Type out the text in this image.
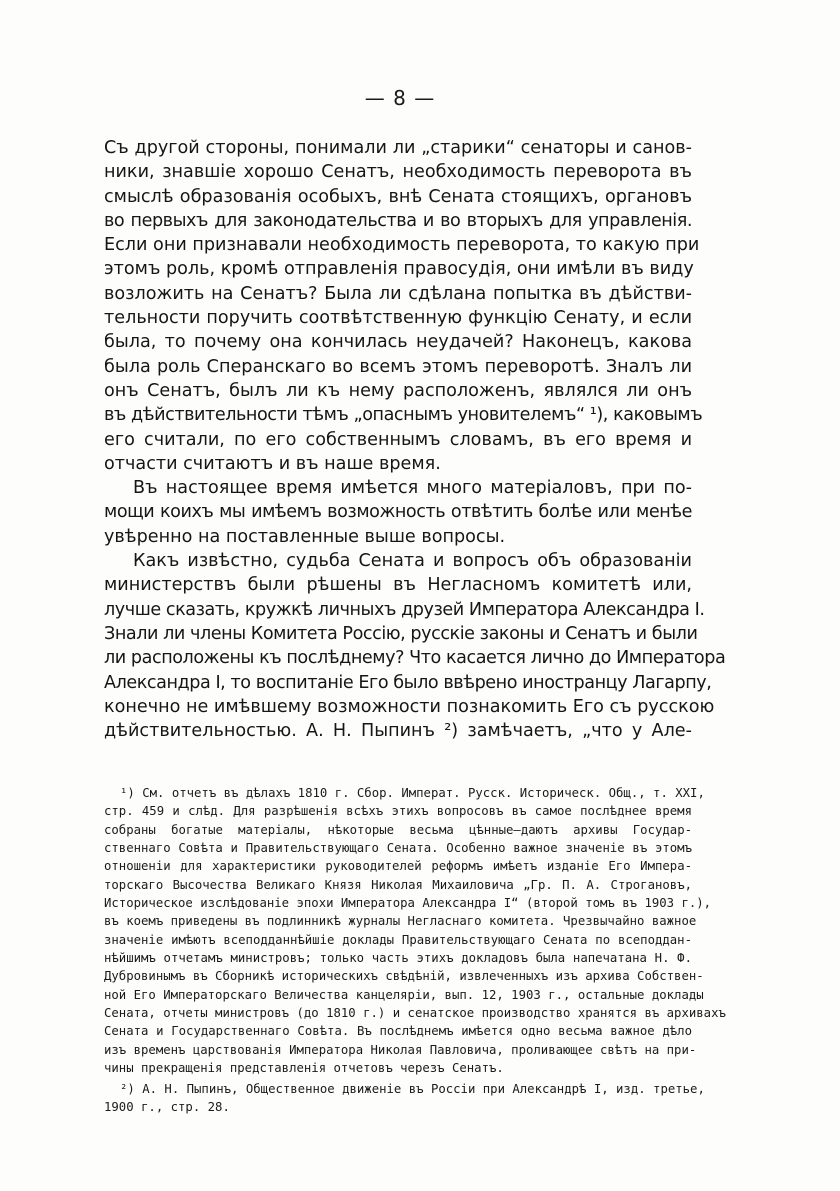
— 8 —

Съ другой стороны, понимали ли „старики“ сенаторы и санов-

ники, знавшіе хорошо Сенатъ, необходимость переворота въ

смыслѣ образованія особыхъ, внѣ Сената стоящихъ, органовъ

во первыхъ для законодательства и во вторыхъ для управленія.

Если они признавали необходимость переворота, то какую при

этомъ роль, кромѣ отправленія правосудія, они имѣли въ виду

возложить на Сенатъ? Была ли сдѣлана попытка въ дѣйстви-

тельности поручить соотвѣтственную функцію Сенату, и если

была, то почему она кончилась неудачей? Наконецъ, какова

была роль Сперанскаго во всемъ этомъ переворотѣ. Зналъ ли

онъ Сенатъ, былъ ли къ нему расположенъ, являлся ли онъ

въ дѣйствительности тѣмъ „опаснымъ уновителемъ“ ¹), каковымъ

его считали, по его собственнымъ словамъ, въ его время и

отчасти считаютъ и въ наше время.

Въ настоящее время имѣется много матеріаловъ, при по-

мощи коихъ мы имѣемъ возможность отвѣтить болѣе или менѣе

увѣренно на поставленные выше вопросы.

Какъ извѣстно, судьба Сената и вопросъ объ образованіи

министерствъ были рѣшены въ Негласномъ комитетѣ или,

лучше сказать, кружкѣ личныхъ друзей Императора Александра I.

Знали ли члены Комитета Россію, русскіе законы и Сенатъ и были

ли расположены къ послѣднему? Что касается лично до Императора

Александра I, то воспитаніе Его было ввѣрено иностранцу Лагарпу,

конечно не имѣвшему возможности познакомить Его съ русскою

дѣйствительностью. А. Н. Пыпинъ ²) замѣчаетъ, „что у Але-

¹) См. отчетъ въ дѣлахъ 1810 г. Сбор. Императ. Русск. Историческ. Общ., т. XXI,

стр. 459 и слѣд. Для разрѣшенія всѣхъ этихъ вопросовъ въ самое послѣднее время

собраны богатые матеріалы, нѣкоторые весьма цѣнные—даютъ архивы Государ-

ственнаго Совѣта и Правительствующаго Сената. Особенно важное значеніе въ этомъ

отношеніи для характеристики руководителей реформъ имѣетъ изданіе Его Импера-

торскаго Высочества Великаго Князя Николая Михаиловича „Гр. П. А. Строгановъ,

Историческое изслѣдованіе эпохи Императора Александра I“ (второй томъ въ 1903 г.),

въ коемъ приведены въ подлинникѣ журналы Негласнаго комитета. Чрезвычайно важное

значеніе имѣютъ всеподданнѣйшіе доклады Правительствующаго Сената по всеподдан-

нѣйшимъ отчетамъ министровъ; только часть этихъ докладовъ была напечатана Н. Ф.

Дубровинымъ въ Сборникѣ историческихъ свѣдѣній, извлеченныхъ изъ архива Собствен-

ной Его Императорскаго Величества канцеляріи, вып. 12, 1903 г., остальные доклады

Сената, отчеты министровъ (до 1810 г.) и сенатское производство хранятся въ архивахъ

Сената и Государственнаго Совѣта. Въ послѣднемъ имѣется одно весьма важное дѣло

изъ временъ царствованія Императора Николая Павловича, проливающее свѣтъ на при-

чины прекращенія представленія отчетовъ черезъ Сенатъ.

²) А. Н. Пыпинъ, Общественное движеніе въ Россіи при Александрѣ I, изд. третье,

1900 г., стр. 28.
